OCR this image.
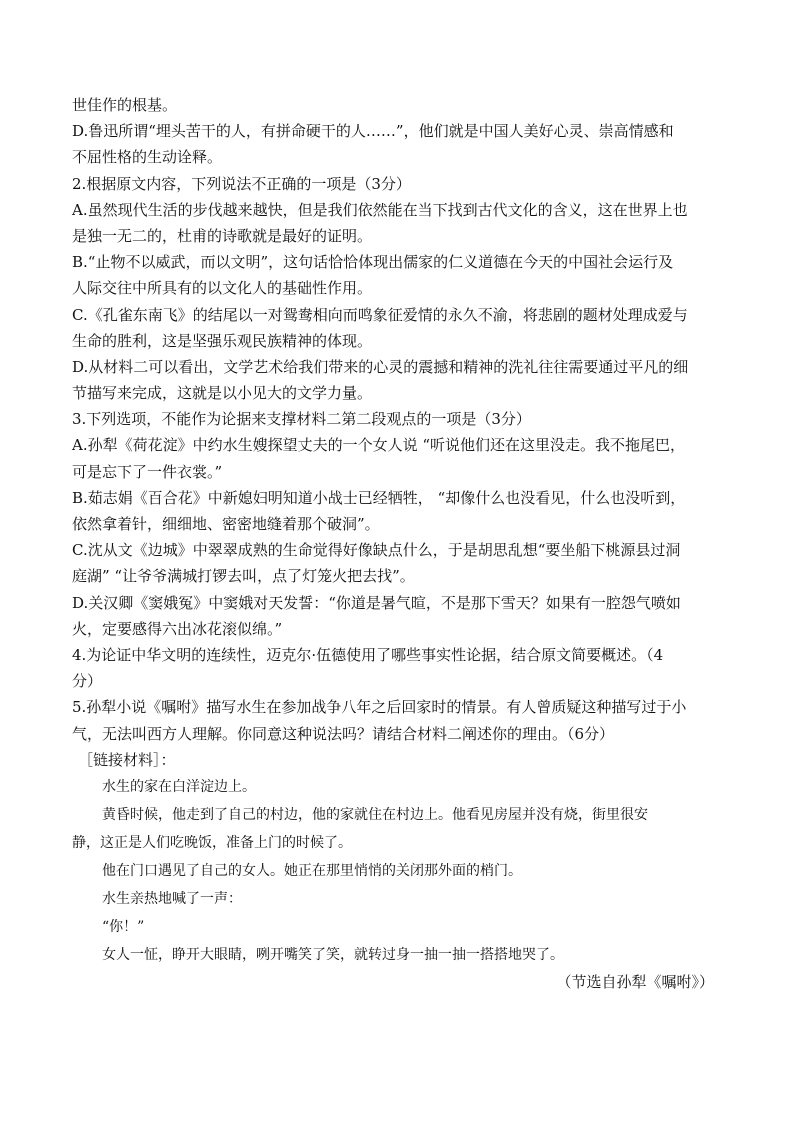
世佳作的根基。
D.鲁迅所谓“埋头苦干的人，有拼命硬干的人……”，他们就是中国人美好心灵、崇高情感和
不屈性格的生动诠释。
2.根据原文内容，下列说法不正确的一项是（3分）
A.虽然现代生活的步伐越来越快，但是我们依然能在当下找到古代文化的含义，这在世界上也
是独一无二的，杜甫的诗歌就是最好的证明。
B.“止物不以威武，而以文明”，这句话恰恰体现出儒家的仁义道德在今天的中国社会运行及
人际交往中所具有的以文化人的基础性作用。
C.《孔雀东南飞》的结尾以一对鸳鸯相向而鸣象征爱情的永久不渝，将悲剧的题材处理成爱与
生命的胜利，这是坚强乐观民族精神的体现。
D.从材料二可以看出，文学艺术给我们带来的心灵的震撼和精神的洗礼往往需要通过平凡的细
节描写来完成，这就是以小见大的文学力量。
3.下列选项，不能作为论据来支撑材料二第二段观点的一项是（3分）
A.孙犁《荷花淀》中约水生嫂探望丈夫的一个女人说 “听说他们还在这里没走。我不拖尾巴，
可是忘下了一件衣裳。”
B.茹志娟《百合花》中新媳妇明知道小战士已经牺牲， “却像什么也没看见，什么也没听到，
依然拿着针，细细地、密密地缝着那个破洞”。
C.沈从文《边城》中翠翠成熟的生命觉得好像缺点什么，于是胡思乱想“要坐船下桃源县过洞
庭湖” “让爷爷满城打锣去叫，点了灯笼火把去找”。
D.关汉卿《窦娥冤》中窦娥对天发誓：“你道是暑气暄，不是那下雪天？如果有一腔怨气喷如
火，定要感得六出冰花滚似绵。”
4.为论证中华文明的连续性，迈克尔·伍德使用了哪些事实性论据，结合原文简要概述。（4
分）
5.孙犁小说《嘱咐》描写水生在参加战争八年之后回家时的情景。有人曾质疑这种描写过于小
气，无法叫西方人理解。你同意这种说法吗？请结合材料二阐述你的理由。（6分）
［链接材料］：
水生的家在白洋淀边上。
黄昏时候，他走到了自己的村边，他的家就住在村边上。他看见房屋并没有烧，街里很安
静，这正是人们吃晚饭，准备上门的时候了。
他在门口遇见了自己的女人。她正在那里悄悄的关闭那外面的梢门。
水生亲热地喊了一声：
“你！”
女人一怔，睁开大眼睛，咧开嘴笑了笑，就转过身一抽一抽一搭搭地哭了。
（节选自孙犁《嘱咐》）
